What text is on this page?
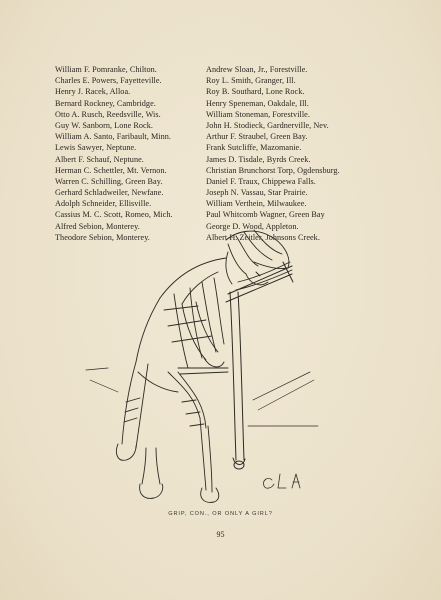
William F. Pomranke, Chilton.
Charles E. Powers, Fayetteville.
Henry J. Racek, Alloa.
Bernard Rockney, Cambridge.
Otto A. Rusch, Reedsville, Wis.
Guy W. Sanborn, Lone Rock.
William A. Santo, Faribault, Minn.
Lewis Sawyer, Neptune.
Albert F. Schauf, Neptune.
Herman C. Schettler, Mt. Vernon.
Warren C. Schilling, Green Bay.
Gerhard Schladweiler, Newfane.
Adolph Schneider, Ellisville.
Cassius M. C. Scott, Romeo, Mich.
Alfred Sebion, Monterey.
Theodore Sebion, Monterey.
Andrew Sloan, Jr., Forestville.
Roy L. Smith, Granger, Ill.
Roy B. Southard, Lone Rock.
Henry Speneman, Oakdale, Ill.
William Stoneman, Forestville.
John H. Stodieck, Gardnerville, Nev.
Arthur F. Straubel, Green Bay.
Frank Sutcliffe, Mazomanie.
James D. Tisdale, Byrds Creek.
Christian Brunchorst Torp, Ogdensburg.
Daniel F. Traux, Chippewa Falls.
Joseph N. Vassau, Star Prairie.
William Verthein, Milwaukee.
Paul Whitcomb Wagner, Green Bay
George D. Wood, Appleton.
Albert H. Zeitler, Johnsons Creek.
GRIP, CON., OR ONLY A GIRL?
95
